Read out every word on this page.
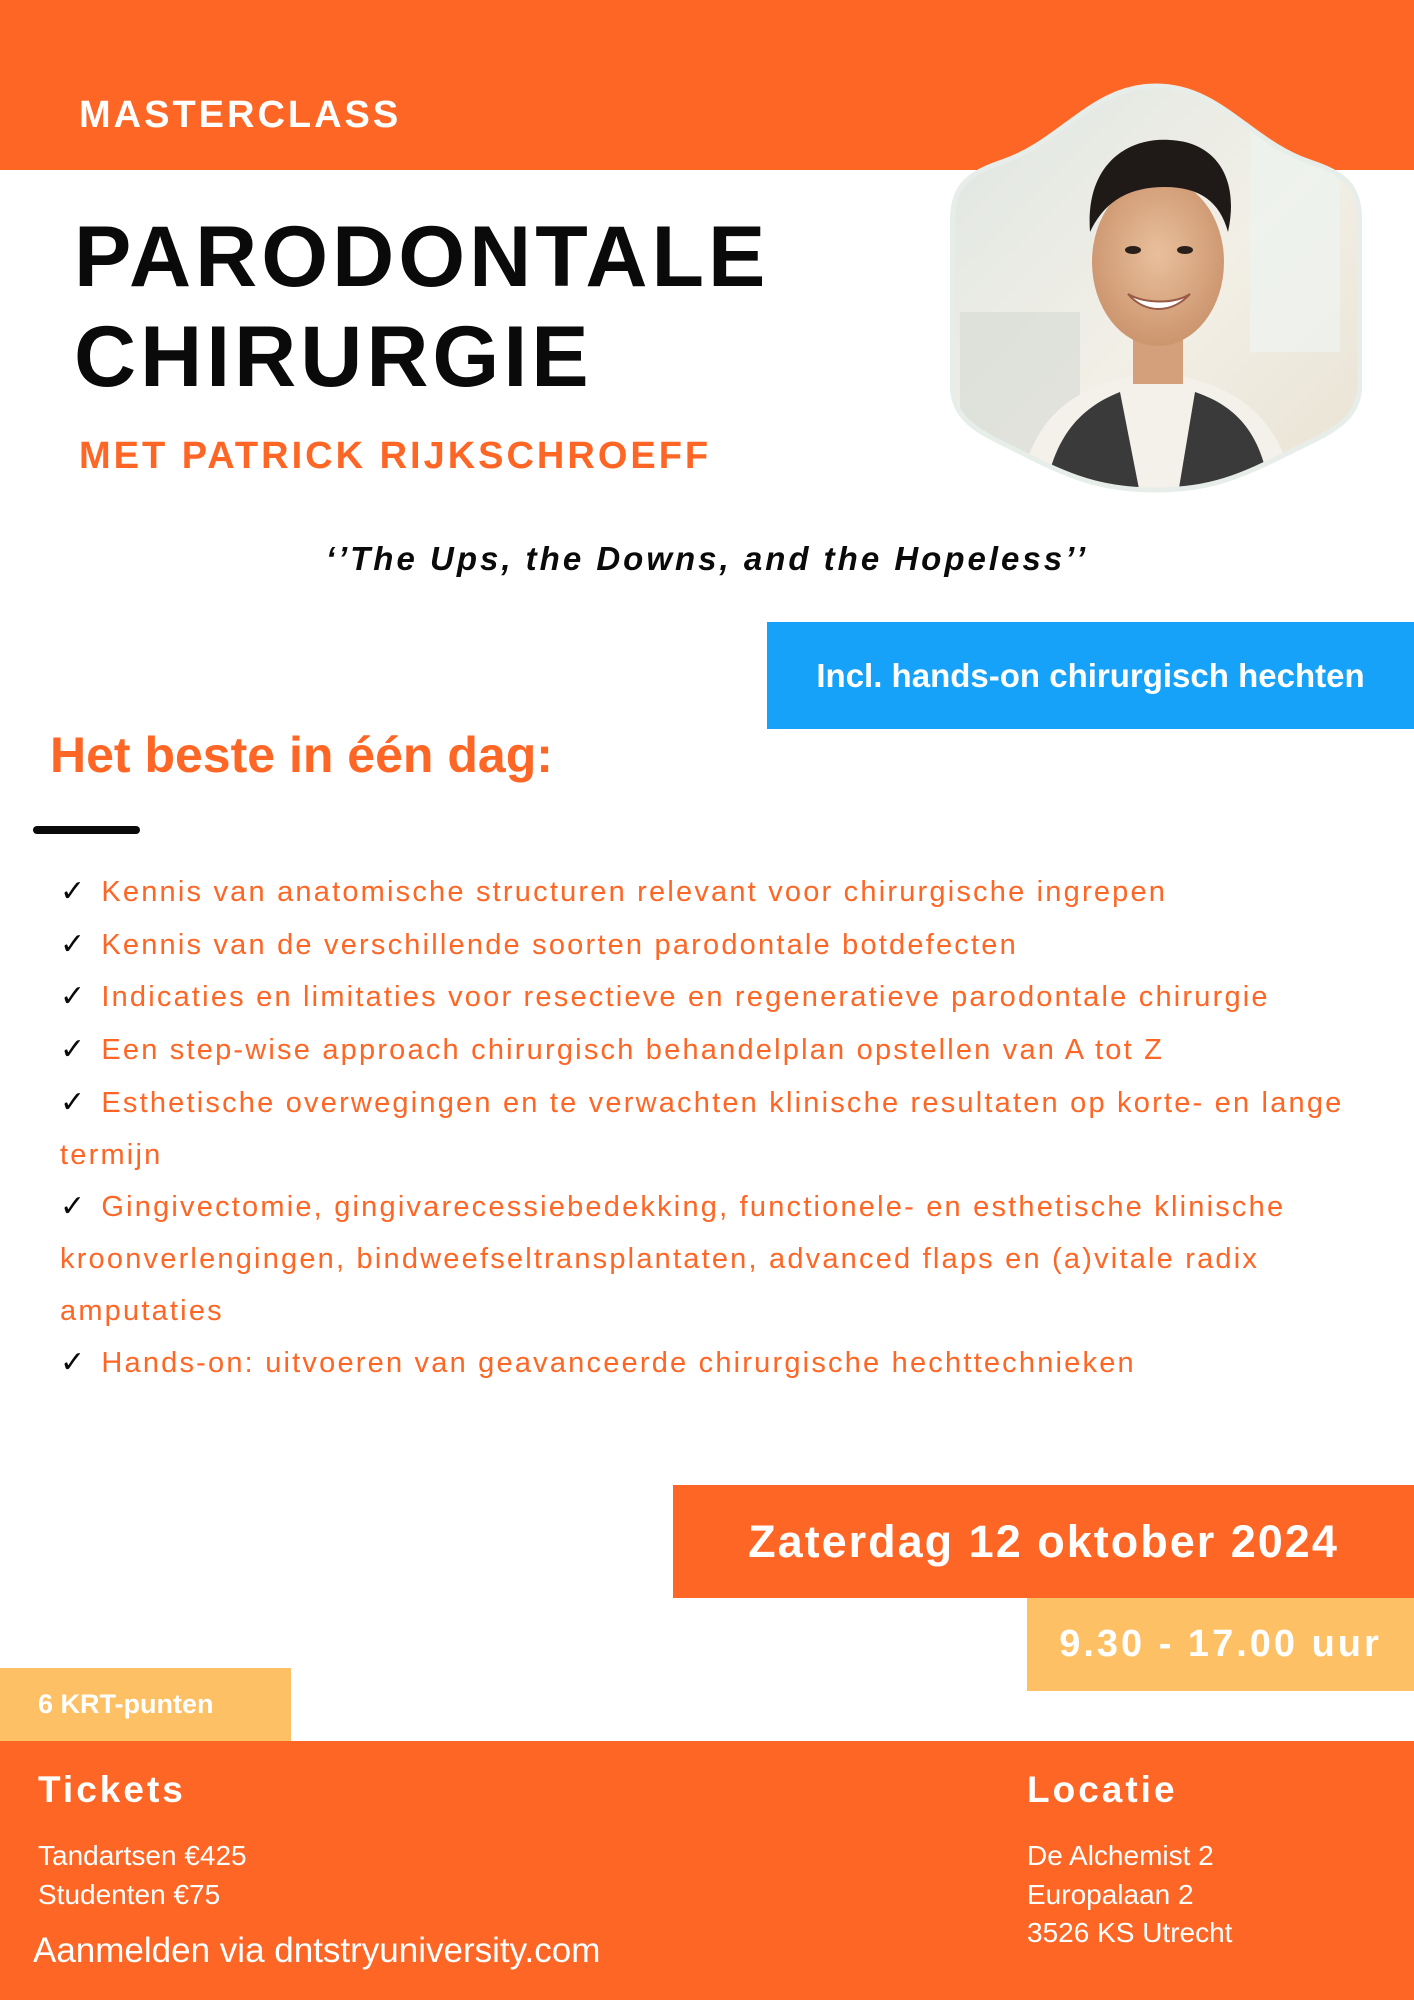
MASTERCLASS
PARODONTALE
CHIRURGIE
MET PATRICK RIJKSCHROEFF
‘’The Ups, the Downs, and the Hopeless’’
Incl. hands-on chirurgisch hechten
Het beste in één dag:
✓ Kennis van anatomische structuren relevant voor chirurgische ingrepen
✓ Kennis van de verschillende soorten parodontale botdefecten
✓ Indicaties en limitaties voor resectieve en regeneratieve parodontale chirurgie
✓ Een step-wise approach chirurgisch behandelplan opstellen van A tot Z
✓ Esthetische overwegingen en te verwachten klinische resultaten op korte- en lange termijn
✓ Gingivectomie, gingivarecessiebedekking, functionele- en esthetische klinische kroonverlengingen, bindweefseltransplantaten, advanced flaps en (a)vitale radix amputaties
✓ Hands-on: uitvoeren van geavanceerde chirurgische hechttechnieken
Zaterdag 12 oktober 2024
9.30 - 17.00 uur
6 KRT-punten
Tickets
Tandartsen €425
Studenten €75
Aanmelden via dntstryuniversity.com
Locatie
De Alchemist 2
Europalaan 2
3526 KS Utrecht
